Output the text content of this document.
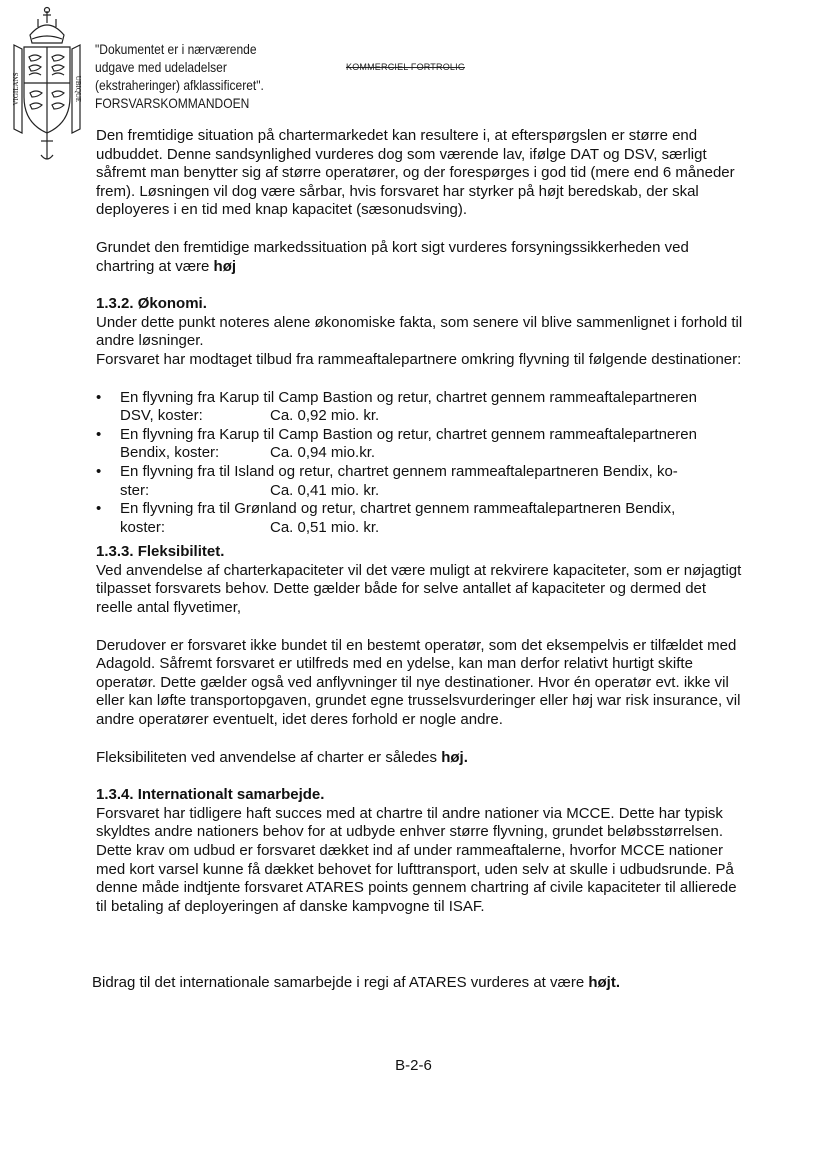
VIGILANS	UBIQUE
"Dokumentet er i nærværende
udgave med udeladelser
(ekstraheringer) afklassificeret".
FORSVARSKOMMANDOEN
KOMMERCIEL FORTROLIG

Den fremtidige situation på chartermarkedet kan resultere i, at efterspørgslen er større end udbuddet. Denne sandsynlighed vurderes dog som værende lav, ifølge DAT og DSV, særligt såfremt man benytter sig af større operatører, og der forespørges i god tid (mere end 6 måneder frem). Løsningen vil dog være sårbar, hvis forsvaret har styrker på højt beredskab, der skal deployeres i en tid med knap kapacitet (sæsonudsving).

Grundet den fremtidige markedssituation på kort sigt vurderes forsyningssikkerheden ved chartring at være høj

1.3.2. Økonomi.

Under dette punkt noteres alene økonomiske fakta, som senere vil blive sammenlignet i forhold til andre løsninger.

Forsvaret har modtaget tilbud fra rammeaftalepartnere omkring flyvning til følgende destinationer:

• En flyvning fra Karup til Camp Bastion og retur, chartret gennem rammeaftalepartneren
DSV, koster:	Ca. 0,92 mio. kr.
• En flyvning fra Karup til Camp Bastion og retur, chartret gennem rammeaftalepartneren
Bendix, koster:	Ca. 0,94 mio.kr.
• En flyvning fra til Island og retur, chartret gennem rammeaftalepartneren Bendix, ko-
ster:	Ca. 0,41 mio. kr.
• En flyvning fra til Grønland og retur, chartret gennem rammeaftalepartneren Bendix,
koster:	Ca. 0,51 mio. kr.
1.3.3. Fleksibilitet.

Ved anvendelse af charterkapaciteter vil det være muligt at rekvirere kapaciteter, som er nøjagtigt tilpasset forsvarets behov. Dette gælder både for selve antallet af kapaciteter og dermed det reelle antal flyvetimer,

Derudover er forsvaret ikke bundet til en bestemt operatør, som det eksempelvis er tilfældet med Adagold. Såfremt forsvaret er utilfreds med en ydelse, kan man derfor relativt hurtigt skifte operatør. Dette gælder også ved anflyvninger til nye destinationer. Hvor én operatør evt. ikke vil eller kan løfte transportopgaven, grundet egne trusselsvurderinger eller høj war risk insurance, vil andre operatører eventuelt, idet deres forhold er nogle andre.

Fleksibiliteten ved anvendelse af charter er således høj.

1.3.4. Internationalt samarbejde.

Forsvaret har tidligere haft succes med at chartre til andre nationer via MCCE. Dette har typisk skyldtes andre nationers behov for at udbyde enhver større flyvning, grundet beløbsstørrelsen. Dette krav om udbud er forsvaret dækket ind af under rammeaftalerne, hvorfor MCCE nationer med kort varsel kunne få dækket behovet for lufttransport, uden selv at skulle i udbudsrunde. På denne måde indtjente forsvaret ATARES points gennem chartring af civile kapaciteter til allierede til betaling af deployeringen af danske kampvogne til ISAF.

Bidrag til det internationale samarbejde i regi af ATARES vurderes at være højt.
B-2-6
